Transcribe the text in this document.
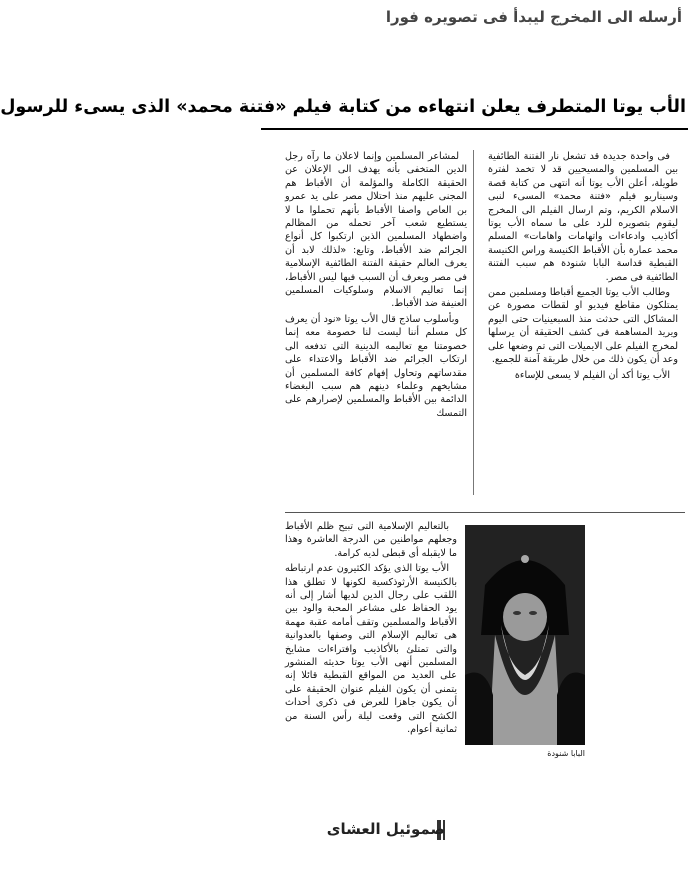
أرسله الى المخرج ليبدأ فى تصويره فورا
الأب يوتا المتطرف يعلن انتهاءه من كتابة فيلم «فتنة محمد» الذى يسىء للرسول

فى واحدة جديدة قد تشعل نار الفتنة الطائفية بين المسلمين والمسيحيين قد لا تخمد لفترة طويلة، أعلن الأب يوتا أنه انتهى من كتابة قصة وسيناريو فيلم «فتنة محمد» المسىء لنبى الاسلام الكريم، وتم ارسال الفيلم الى المخرج ليقوم بتصويره للرد على ما سماه الأب يوتا أكاذيب وادعاءات واتهامات واهامات» المسلم محمد عمارة بأن الأقباط الكنيسة وراس الكنيسة القبطية قداسة البابا شنودة هم سبب الفتنة الطائفية فى مصر.

وطالب الأب يوتا الجميع أقباطا ومسلمين ممن يمتلكون مقاطع فيديو او لقطات مصورة عن المشاكل التى حدثت منذ السبعينيات حتى اليوم ويريد المساهمة فى كشف الحقيقة أن يرسلها لمخرج الفيلم على الايميلات التى تم وضعها على وعد أن يكون ذلك من خلال طريقة آمنة للجميع.

الأب يوتا أكد أن الفيلم لا يسعى للإساءة

لمشاعر المسلمين وإنما لاعلان ما رآه رجل الدين المتخفى بأنه يهدف الى الإعلان عن الحقيقة الكاملة والمؤلمة أن الأقباط هم المجنى عليهم منذ احتلال مصر على يد عمرو بن العاص واصفا الأقباط بأنهم تحملوا ما لا يستطيع شعب آخر تحمله من المظالم واضطهاد المسلمين الذين ارتكبوا كل أنواع الجرائم ضد الأقباط، وتابع: «لذلك لابد أن يعرف العالم حقيقة الفتنة الطائفية الإسلامية فى مصر ويعرف أن السبب فيها ليس الأقباط، إنما تعاليم الاسلام وسلوكيات المسلمين العنيفة ضد الأقباط.

وبأسلوب ساذج قال الأب يوتا «نود أن يعرف كل مسلم أننا ليست لنا خصومة معه إنما خصومتنا مع تعاليمه الدينية التى تدفعه الى ارتكاب الجرائم ضد الأقباط والاعتداء على مقدساتهم وتحاول إفهام كافة المسلمين أن مشايخهم وعلماء دينهم هم سبب البغضاء الدائمة بين الأقباط والمسلمين لإصرارهم على التمسك

البابا شنودة

بالتعاليم الإسلامية التى تبيح ظلم الأقباط وجعلهم مواطنين من الدرجة العاشرة وهذا ما لايقبله أى قبطى لديه كرامة.

الأب يوتا الذى يؤكد الكثيرون عدم ارتباطه بالكنيسة الأرثوذكسية لكونها لا تطلق هذا اللقب على رجال الدين لديها أشار إلى أنه يود الحفاظ على مشاعر المحبة والود بين الأقباط والمسلمين وتقف أمامه عقبة مهمة هى تعاليم الإسلام التى وصفها بالعدوانية والتى تمتلئ بالأكاذيب وافتراءات مشايخ المسلمين أنهى الأب يوتا حديثه المنشور على العديد من المواقع القبطية قائلا إنه يتمنى أن يكون الفيلم عنوان الحقيقة على أن يكون جاهزا للعرض فى ذكرى أحداث الكشح التى وقعت ليلة رأس السنة من ثمانية أعوام.

صموئيل العشاى
